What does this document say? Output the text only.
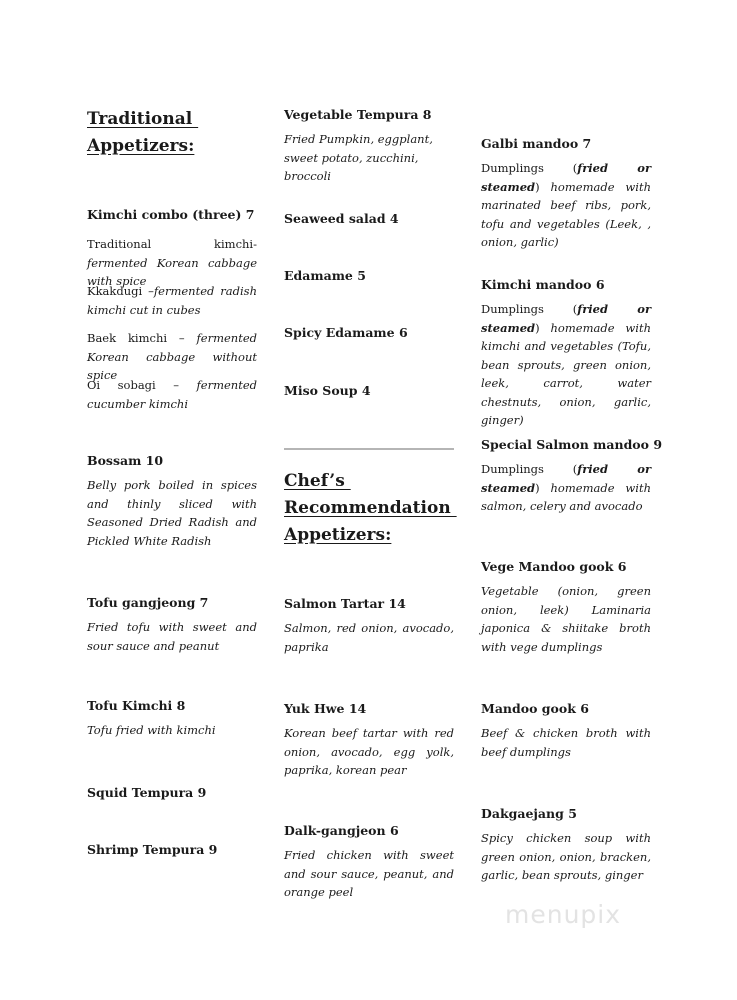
Traditional
Appetizers:
Kimchi combo (three) 7
Traditional kimchi- fermented Korean cabbage with spice
Kkakdugi –fermented radish kimchi cut in cubes
Baek kimchi – fermented Korean cabbage without spice
Oi sobagi – fermented cucumber kimchi
Bossam 10
Belly pork boiled in spices and thinly sliced with Seasoned Dried Radish and Pickled White Radish
Tofu gangjeong 7
Fried tofu with sweet and sour sauce and peanut
Tofu Kimchi 8
Tofu fried with kimchi
Squid Tempura 9
Shrimp Tempura 9
Vegetable Tempura 8
Fried Pumpkin, eggplant, sweet potato, zucchini, broccoli
Seaweed salad 4
Edamame 5
Spicy Edamame 6
Miso Soup 4
Chef’s
Recommendation
Appetizers:
Salmon Tartar 14
Salmon, red onion, avocado, paprika
Yuk Hwe 14
Korean beef tartar with red onion, avocado, egg yolk, paprika, korean pear
Dalk-gangjeon 6
Fried chicken with sweet and sour sauce, peanut, and orange peel
Galbi mandoo 7
Dumplings (fried or steamed) homemade with marinated beef ribs, pork, tofu and vegetables (Leek, , onion, garlic)
Kimchi mandoo 6
Dumplings (fried or steamed) homemade with kimchi and vegetables (Tofu, bean sprouts, green onion, leek, carrot, water chestnuts, onion, garlic, ginger)
Special Salmon mandoo 9
Dumplings (fried or steamed) homemade with salmon, celery and avocado
Vege Mandoo gook 6
Vegetable (onion, green onion, leek) Laminaria japonica & shiitake broth with vege dumplings
Mandoo gook 6
Beef & chicken broth with beef dumplings
Dakgaejang 5
Spicy chicken soup with green onion, onion, bracken, garlic, bean sprouts, ginger
menupix
